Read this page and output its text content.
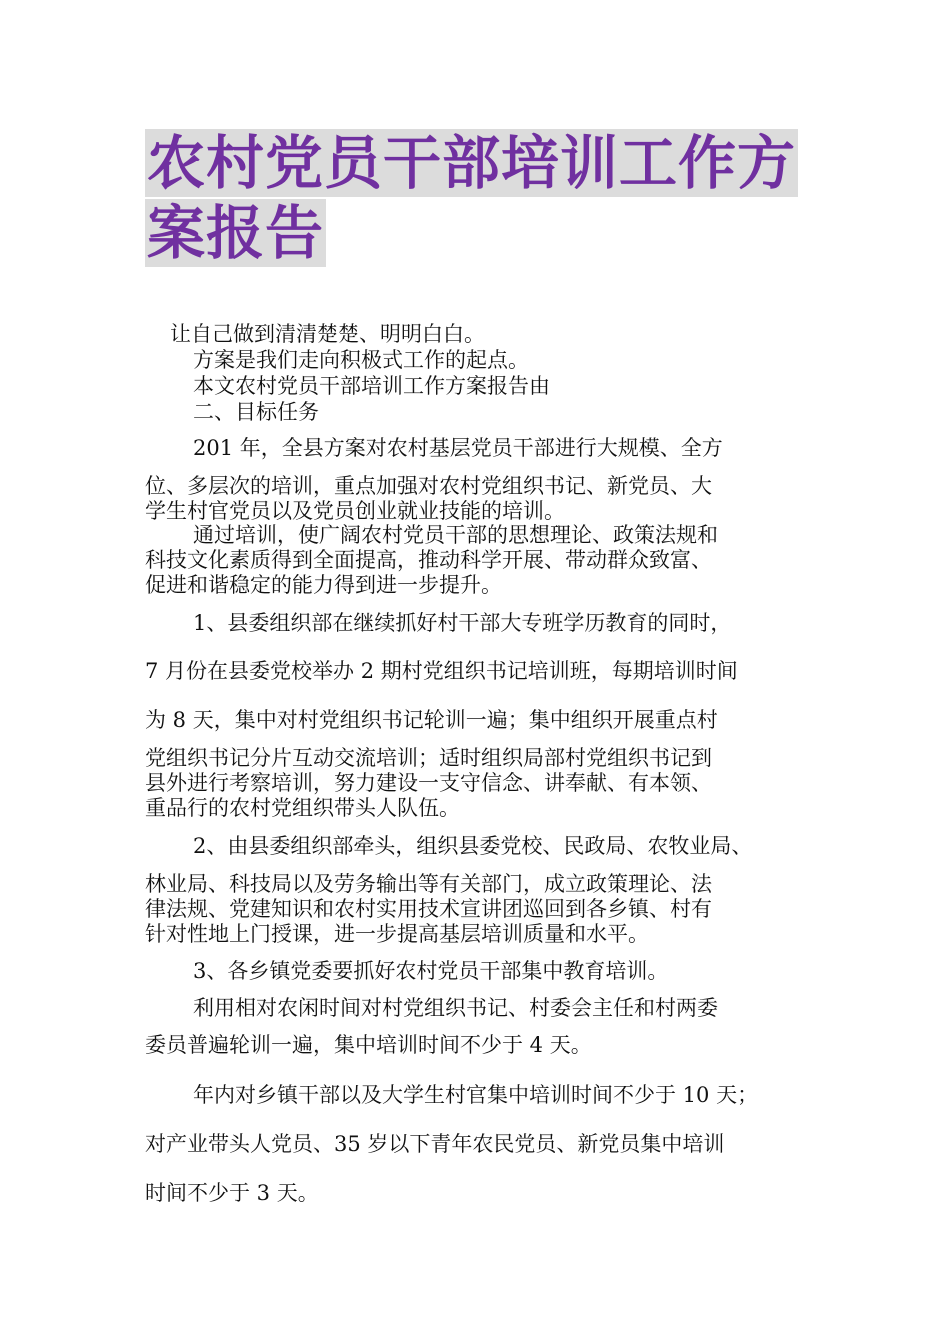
农村党员干部培训工作方案报告

让自己做到清清楚楚、明明白白。

方案是我们走向积极式工作的起点。

本文农村党员干部培训工作方案报告由

二、目标任务

201 年，全县方案对农村基层党员干部进行大规模、全方

位、多层次的培训，重点加强对农村党组织书记、新党员、大

学生村官党员以及党员创业就业技能的培训。

通过培训，使广阔农村党员干部的思想理论、政策法规和

科技文化素质得到全面提高，推动科学开展、带动群众致富、

促进和谐稳定的能力得到进一步提升。

1、县委组织部在继续抓好村干部大专班学历教育的同时，

7 月份在县委党校举办 2 期村党组织书记培训班，每期培训时间

为 8 天，集中对村党组织书记轮训一遍；集中组织开展重点村

党组织书记分片互动交流培训；适时组织局部村党组织书记到

县外进行考察培训，努力建设一支守信念、讲奉献、有本领、

重品行的农村党组织带头人队伍。

2、由县委组织部牵头，组织县委党校、民政局、农牧业局、

林业局、科技局以及劳务输出等有关部门，成立政策理论、法

律法规、党建知识和农村实用技术宣讲团巡回到各乡镇、村有

针对性地上门授课，进一步提高基层培训质量和水平。

3、各乡镇党委要抓好农村党员干部集中教育培训。

利用相对农闲时间对村党组织书记、村委会主任和村两委

委员普遍轮训一遍，集中培训时间不少于 4 天。

年内对乡镇干部以及大学生村官集中培训时间不少于 10 天；

对产业带头人党员、35 岁以下青年农民党员、新党员集中培训

时间不少于 3 天。
